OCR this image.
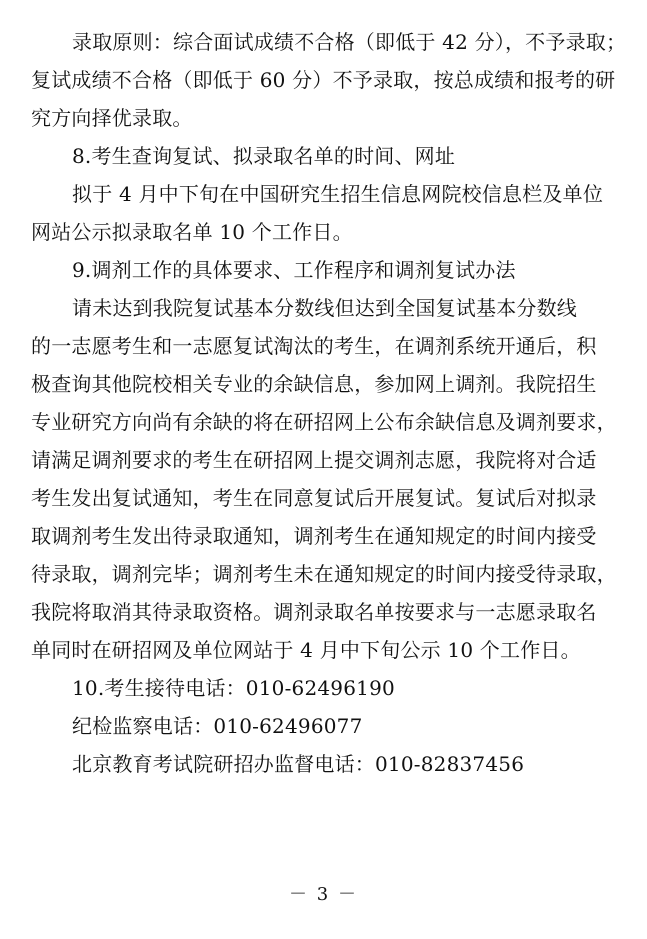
录取原则：综合面试成绩不合格（即低于 42 分），不予录取；
复试成绩不合格（即低于 60 分）不予录取，按总成绩和报考的研
究方向择优录取。
8.考生查询复试、拟录取名单的时间、网址
拟于 4 月中下旬在中国研究生招生信息网院校信息栏及单位
网站公示拟录取名单 10 个工作日。
9.调剂工作的具体要求、工作程序和调剂复试办法
请未达到我院复试基本分数线但达到全国复试基本分数线
的一志愿考生和一志愿复试淘汰的考生，在调剂系统开通后，积
极查询其他院校相关专业的余缺信息，参加网上调剂。我院招生
专业研究方向尚有余缺的将在研招网上公布余缺信息及调剂要求，
请满足调剂要求的考生在研招网上提交调剂志愿，我院将对合适
考生发出复试通知，考生在同意复试后开展复试。复试后对拟录
取调剂考生发出待录取通知，调剂考生在通知规定的时间内接受
待录取，调剂完毕；调剂考生未在通知规定的时间内接受待录取，
我院将取消其待录取资格。调剂录取名单按要求与一志愿录取名
单同时在研招网及单位网站于 4 月中下旬公示 10 个工作日。
10.考生接待电话：010-62496190
纪检监察电话：010-62496077
北京教育考试院研招办监督电话：010-82837456
－ 3 －
